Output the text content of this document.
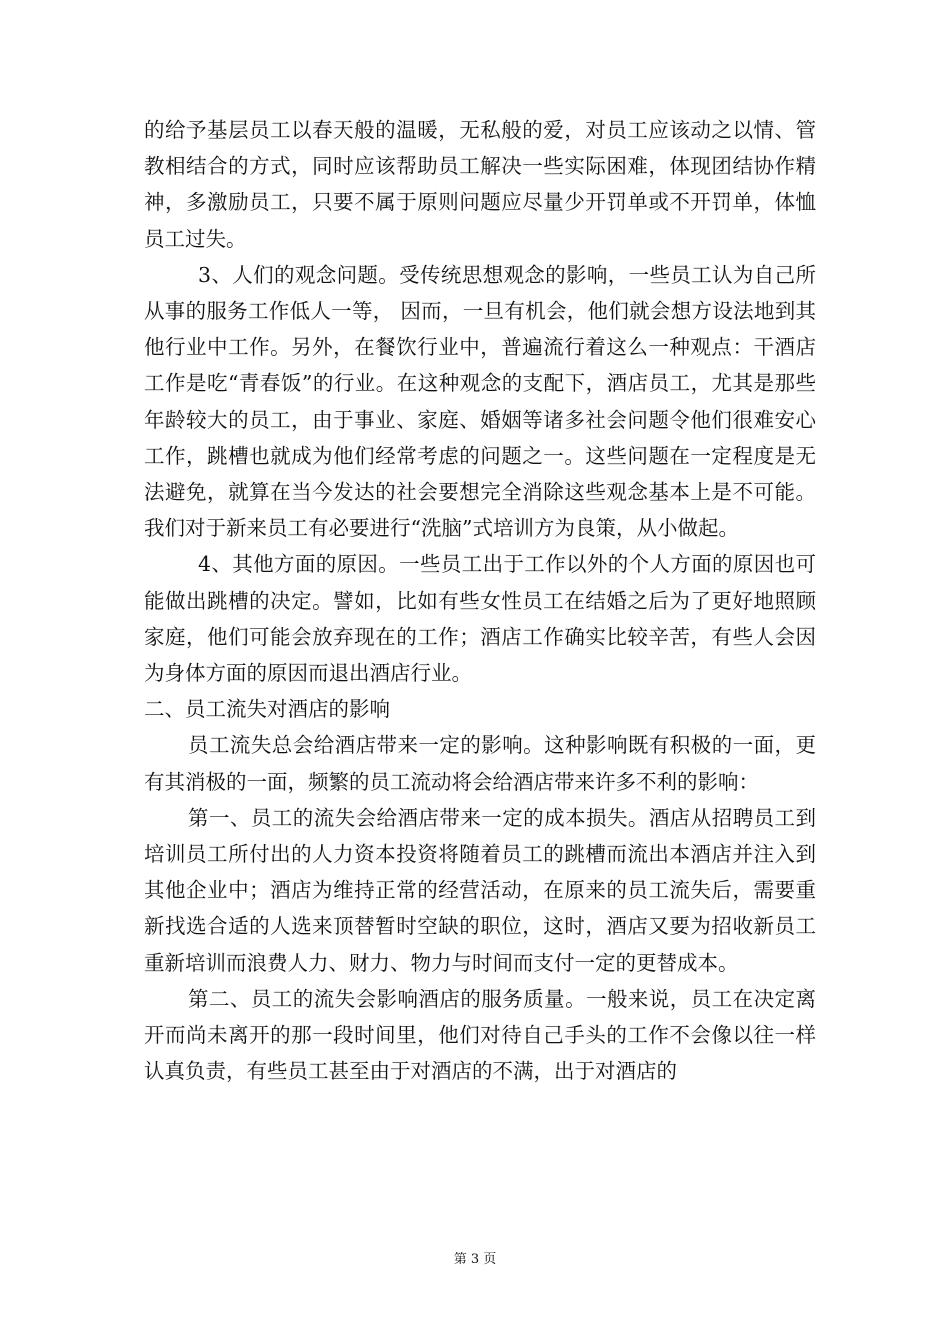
的给予基层员工以春天般的温暖，无私般的爱，对员工应该动之以情、管教相结合的方式，同时应该帮助员工解决一些实际困难，体现团结协作精神，多激励员工，只要不属于原则问题应尽量少开罚单或不开罚单，体恤员工过失。

3、人们的观念问题。受传统思想观念的影响，一些员工认为自己所从事的服务工作低人一等， 因而，一旦有机会，他们就会想方设法地到其他行业中工作。另外，在餐饮行业中，普遍流行着这么一种观点：干酒店工作是吃“青春饭”的行业。在这种观念的支配下，酒店员工，尤其是那些年龄较大的员工，由于事业、家庭、婚姻等诸多社会问题令他们很难安心工作，跳槽也就成为他们经常考虑的问题之一。这些问题在一定程度是无法避免，就算在当今发达的社会要想完全消除这些观念基本上是不可能。我们对于新来员工有必要进行“洗脑”式培训方为良策，从小做起。

4、其他方面的原因。一些员工出于工作以外的个人方面的原因也可能做出跳槽的决定。譬如，比如有些女性员工在结婚之后为了更好地照顾家庭，他们可能会放弃现在的工作；酒店工作确实比较辛苦，有些人会因为身体方面的原因而退出酒店行业。

二、员工流失对酒店的影响

员工流失总会给酒店带来一定的影响。这种影响既有积极的一面，更有其消极的一面，频繁的员工流动将会给酒店带来许多不利的影响：

第一、员工的流失会给酒店带来一定的成本损失。酒店从招聘员工到培训员工所付出的人力资本投资将随着员工的跳槽而流出本酒店并注入到其他企业中；酒店为维持正常的经营活动，在原来的员工流失后，需要重新找选合适的人选来顶替暂时空缺的职位，这时，酒店又要为招收新员工重新培训而浪费人力、财力、物力与时间而支付一定的更替成本。

第二、员工的流失会影响酒店的服务质量。一般来说，员工在决定离开而尚未离开的那一段时间里，他们对待自己手头的工作不会像以往一样认真负责，有些员工甚至由于对酒店的不满，出于对酒店的

第 3 页
